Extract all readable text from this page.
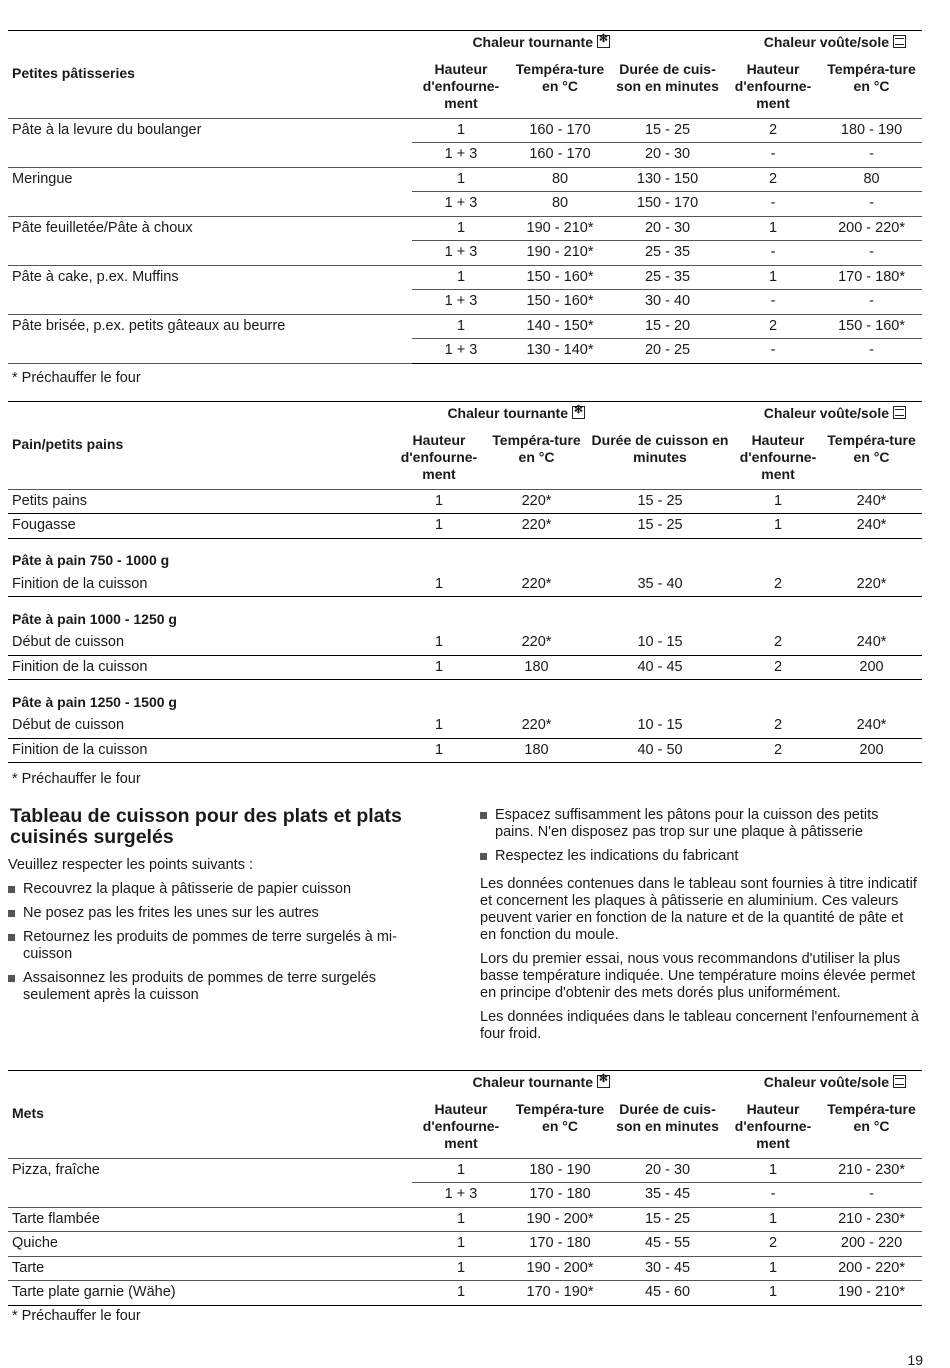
	Chaleur tournante✻			Chaleur voûte/sole	
Petites pâtisseries	Hauteur d'enfourne-ment	Tempéra-ture en °C	Durée de cuis-son en minutes	Hauteur d'enfourne-ment	Tempéra-ture en °C
Pâte à la levure du boulanger	1	160 - 170	15 - 25	2	180 - 190
	1 + 3	160 - 170	20 - 30	-	-
Meringue	1	80	130 - 150	2	80
	1 + 3	80	150 - 170	-	-
Pâte feuilletée/Pâte à choux	1	190 - 210*	20 - 30	1	200 - 220*
	1 + 3	190 - 210*	25 - 35	-	-
Pâte à cake, p.ex. Muffins	1	150 - 160*	25 - 35	1	170 - 180*
	1 + 3	150 - 160*	30 - 40	-	-
Pâte brisée, p.ex. petits gâteaux au beurre	1	140 - 150*	15 - 20	2	150 - 160*
	1 + 3	130 - 140*	20 - 25	-	-
* Préchauffer le four
	Chaleur tournante✻			Chaleur voûte/sole	
Pain/petits pains	Hauteur d'enfourne-ment	Tempéra-ture en °C	Durée de cuisson en minutes	Hauteur d'enfourne-ment	Tempéra-ture en °C
Petits pains	1	220*	15 - 25	1	240*
Fougasse	1	220*	15 - 25	1	240*
Pâte à pain 750 - 1000 g					
Finition de la cuisson	1	220*	35 - 40	2	220*
Pâte à pain 1000 - 1250 g					
Début de cuisson	1	220*	10 - 15	2	240*
Finition de la cuisson	1	180	40 - 45	2	200
Pâte à pain 1250 - 1500 g					
Début de cuisson	1	220*	10 - 15	2	240*
Finition de la cuisson	1	180	40 - 50	2	200
* Préchauffer le four
Tableau de cuisson pour des plats et plats cuisinés surgelés

Veuillez respecter les points suivants :

Recouvrez la plaque à pâtisserie de papier cuisson
Ne posez pas les frites les unes sur les autres
Retournez les produits de pommes de terre surgelés à mi-cuisson
Assaisonnez les produits de pommes de terre surgelés seulement après la cuisson
Espacez suffisamment les pâtons pour la cuisson des petits pains. N'en disposez pas trop sur une plaque à pâtisserie
Respectez les indications du fabricant

Les données contenues dans le tableau sont fournies à titre indicatif et concernent les plaques à pâtisserie en aluminium. Ces valeurs peuvent varier en fonction de la nature et de la quantité de pâte et en fonction du moule.

Lors du premier essai, nous vous recommandons d'utiliser la plus basse température indiquée. Une température moins élevée permet en principe d'obtenir des mets dorés plus uniformément.

Les données indiquées dans le tableau concernent l'enfournement à four froid.

	Chaleur tournante✻			Chaleur voûte/sole	
Mets	Hauteur d'enfourne-ment	Tempéra-ture en °C	Durée de cuis-son en minutes	Hauteur d'enfourne-ment	Tempéra-ture en °C
Pizza, fraîche	1	180 - 190	20 - 30	1	210 - 230*
	1 + 3	170 - 180	35 - 45	-	-
Tarte flambée	1	190 - 200*	15 - 25	1	210 - 230*
Quiche	1	170 - 180	45 - 55	2	200 - 220
Tarte	1	190 - 200*	30 - 45	1	200 - 220*
Tarte plate garnie (Wähe)	1	170 - 190*	45 - 60	1	190 - 210*
* Préchauffer le four
19
